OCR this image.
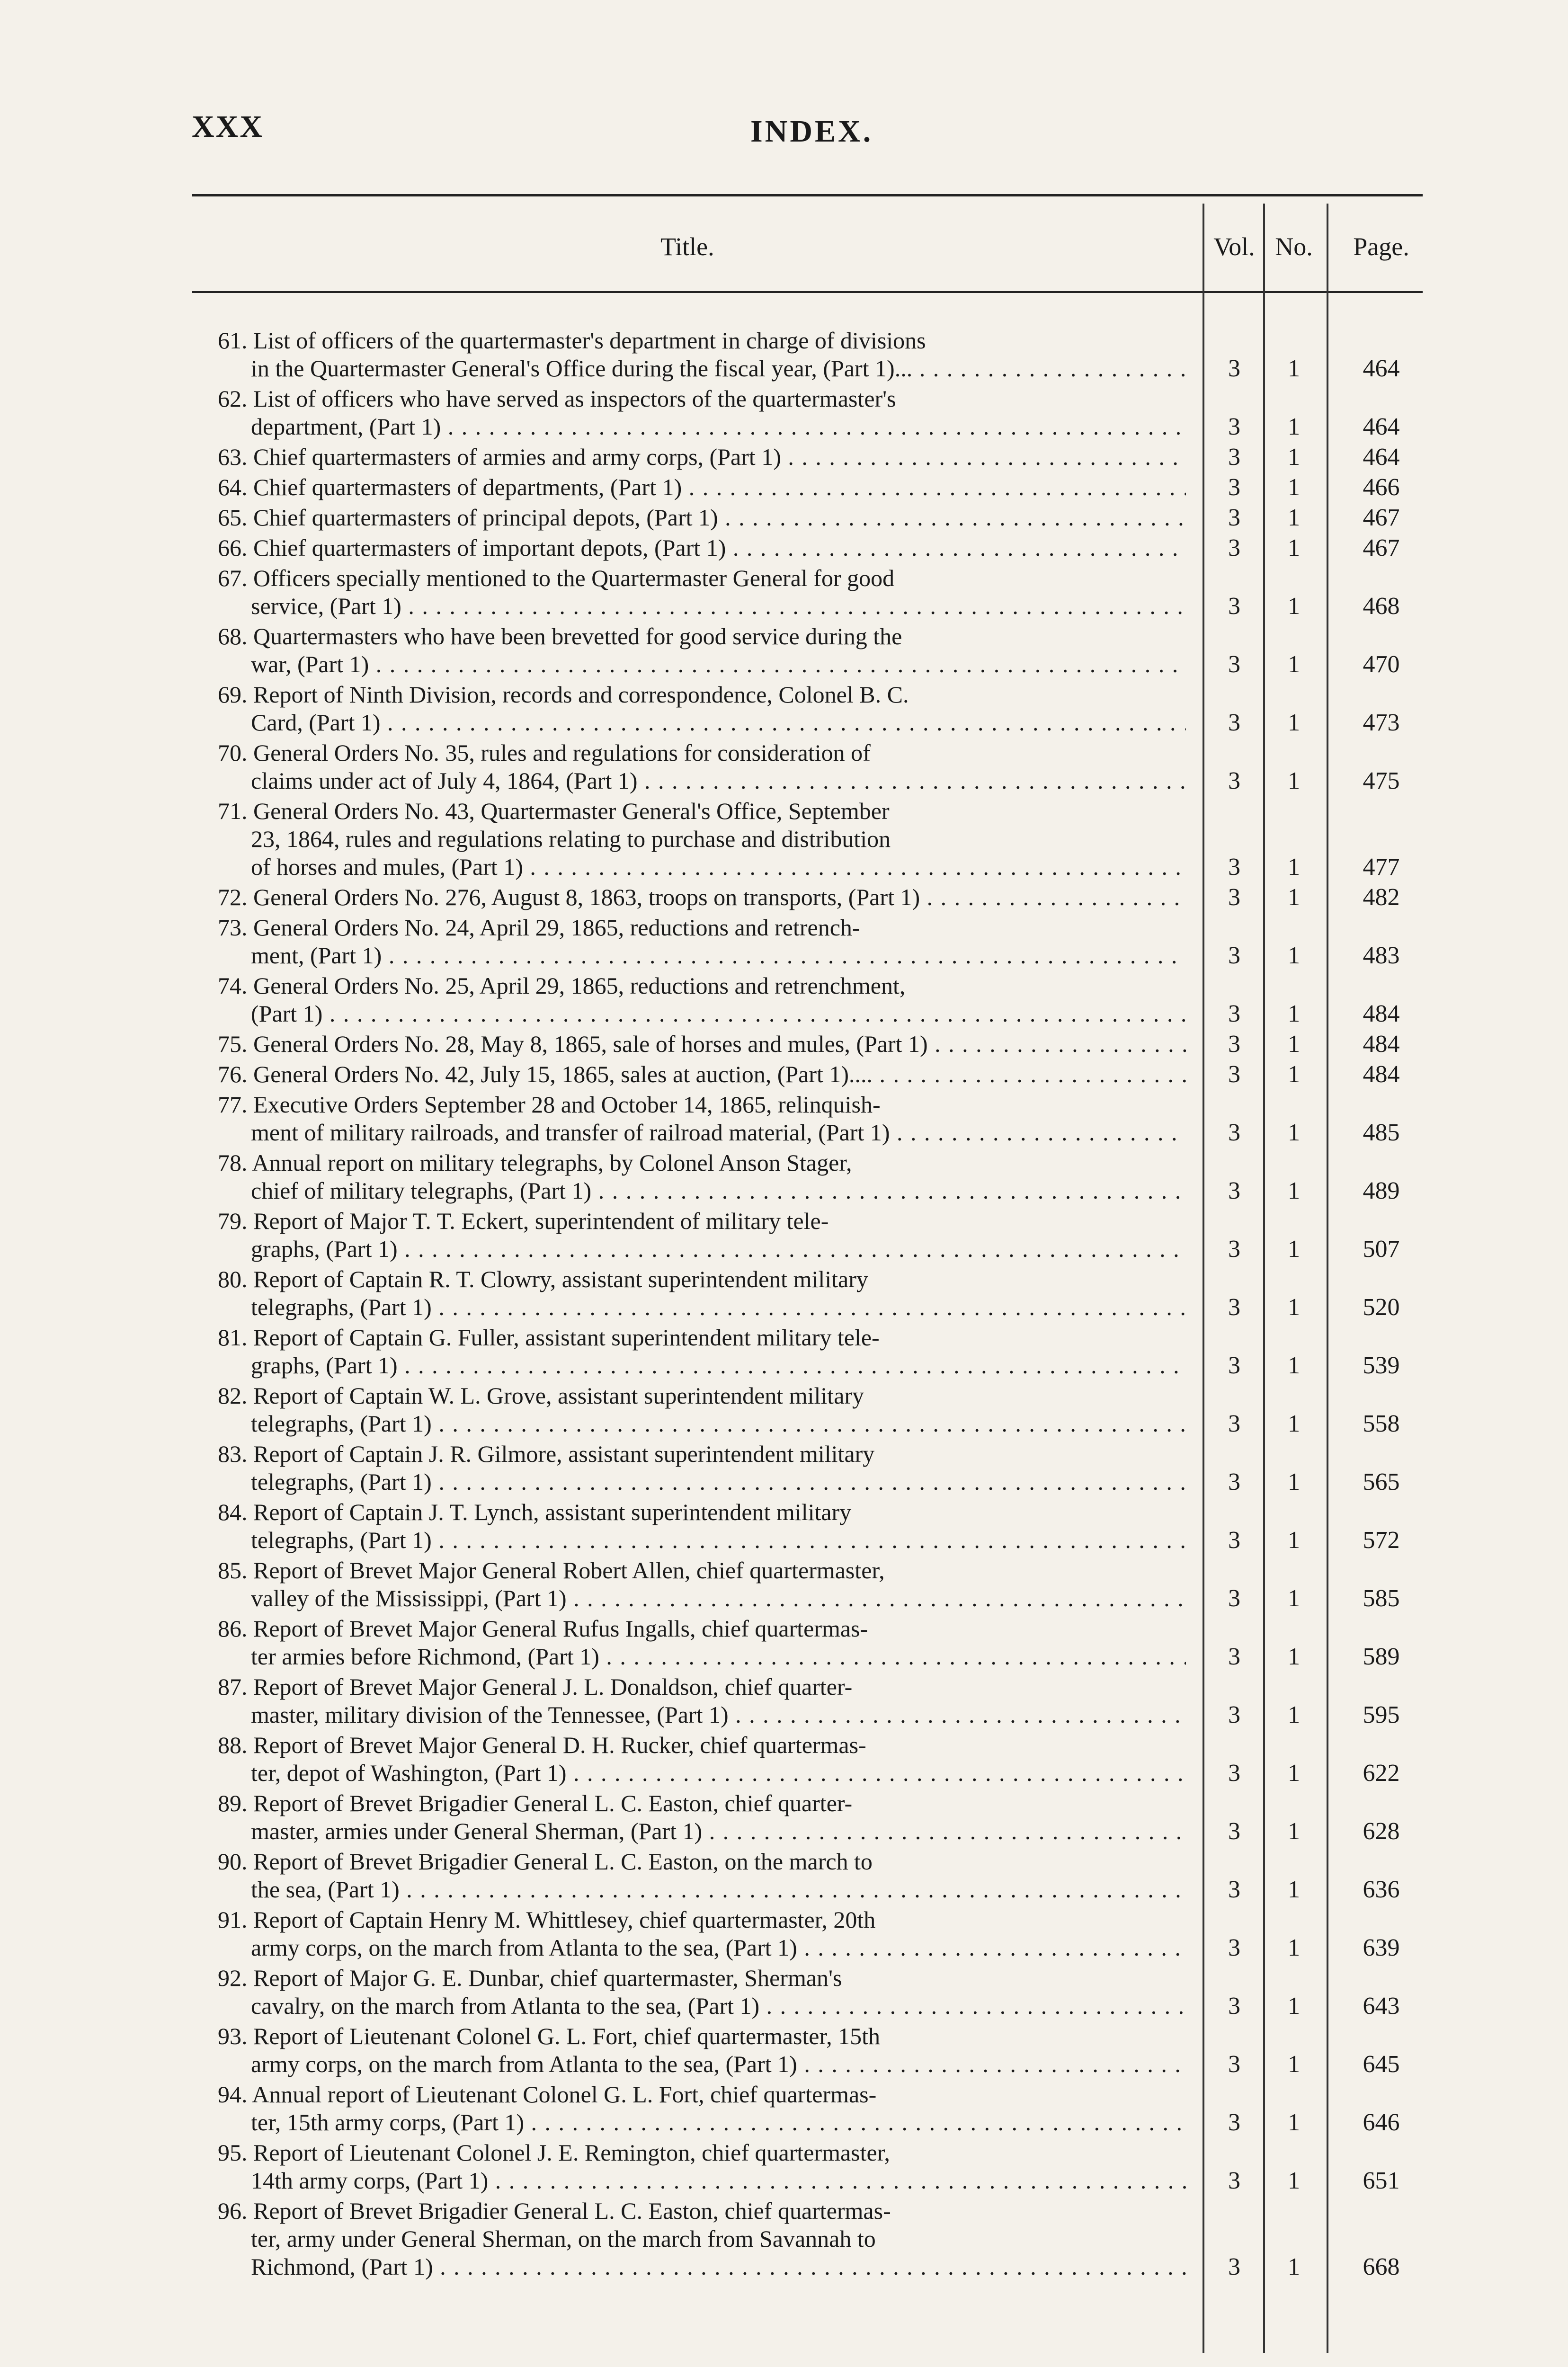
XXX	INDEX.
Title.	Vol. No.	Page.
61. List of officers of the quartermaster's department in charge of divisions
in the Quartermaster General's Office during the fiscal year, (Part 1)... . . .	3	1	464
62. List of officers who have served as inspectors of the quartermaster's
department, (Part 1) . . .	3	1	464
63. Chief quartermasters of armies and army corps, (Part 1) . . .	3	1	464
64. Chief quartermasters of departments, (Part 1) . . .	3	1	466
65. Chief quartermasters of principal depots, (Part 1) . . .	3	1	467
66. Chief quartermasters of important depots, (Part 1) . . .	3	1	467
67. Officers specially mentioned to the Quartermaster General for good
service, (Part 1) . . .	3	1	468
68. Quartermasters who have been brevetted for good service during the
war, (Part 1) . . .	3	1	470
69. Report of Ninth Division, records and correspondence, Colonel B. C.
Card, (Part 1) . . .	3	1	473
70. General Orders No. 35, rules and regulations for consideration of
claims under act of July 4, 1864, (Part 1) . . .	3	1	475
71. General Orders No. 43, Quartermaster General's Office, September
23, 1864, rules and regulations relating to purchase and distribution
of horses and mules, (Part 1) . . .	3	1	477
72. General Orders No. 276, August 8, 1863, troops on transports, (Part 1) . . .	3	1	482
73. General Orders No. 24, April 29, 1865, reductions and retrench-
ment, (Part 1) . . .	3	1	483
74. General Orders No. 25, April 29, 1865, reductions and retrenchment,
(Part 1) . . .	3	1	484
75. General Orders No. 28, May 8, 1865, sale of horses and mules, (Part 1) . . .	3	1	484
76. General Orders No. 42, July 15, 1865, sales at auction, (Part 1).... . . .	3	1	484
77. Executive Orders September 28 and October 14, 1865, relinquish-
ment of military railroads, and transfer of railroad material, (Part 1) . . .	3	1	485
78. Annual report on military telegraphs, by Colonel Anson Stager,
chief of military telegraphs, (Part 1) . . .	3	1	489
79. Report of Major T. T. Eckert, superintendent of military tele-
graphs, (Part 1) . . .	3	1	507
80. Report of Captain R. T. Clowry, assistant superintendent military
telegraphs, (Part 1) . . .	3	1	520
81. Report of Captain G. Fuller, assistant superintendent military tele-
graphs, (Part 1) . . .	3	1	539
82. Report of Captain W. L. Grove, assistant superintendent military
telegraphs, (Part 1) . . .	3	1	558
83. Report of Captain J. R. Gilmore, assistant superintendent military
telegraphs, (Part 1) . . .	3	1	565
84. Report of Captain J. T. Lynch, assistant superintendent military
telegraphs, (Part 1) . . .	3	1	572
85. Report of Brevet Major General Robert Allen, chief quartermaster,
valley of the Mississippi, (Part 1) . . .	3	1	585
86. Report of Brevet Major General Rufus Ingalls, chief quartermas-
ter armies before Richmond, (Part 1) . . .	3	1	589
87. Report of Brevet Major General J. L. Donaldson, chief quarter-
master, military division of the Tennessee, (Part 1) . . .	3	1	595
88. Report of Brevet Major General D. H. Rucker, chief quartermas-
ter, depot of Washington, (Part 1) . . .	3	1	622
89. Report of Brevet Brigadier General L. C. Easton, chief quarter-
master, armies under General Sherman, (Part 1) . . .	3	1	628
90. Report of Brevet Brigadier General L. C. Easton, on the march to
the sea, (Part 1) . . .	3	1	636
91. Report of Captain Henry M. Whittlesey, chief quartermaster, 20th
army corps, on the march from Atlanta to the sea, (Part 1) . . .	3	1	639
92. Report of Major G. E. Dunbar, chief quartermaster, Sherman's
cavalry, on the march from Atlanta to the sea, (Part 1) . . .	3	1	643
93. Report of Lieutenant Colonel G. L. Fort, chief quartermaster, 15th
army corps, on the march from Atlanta to the sea, (Part 1) . . .	3	1	645
94. Annual report of Lieutenant Colonel G. L. Fort, chief quartermas-
ter, 15th army corps, (Part 1) . . .	3	1	646
95. Report of Lieutenant Colonel J. E. Remington, chief quartermaster,
14th army corps, (Part 1) . . .	3	1	651
96. Report of Brevet Brigadier General L. C. Easton, chief quartermas-
ter, army under General Sherman, on the march from Savannah to
Richmond, (Part 1) . . .	3	1	668
